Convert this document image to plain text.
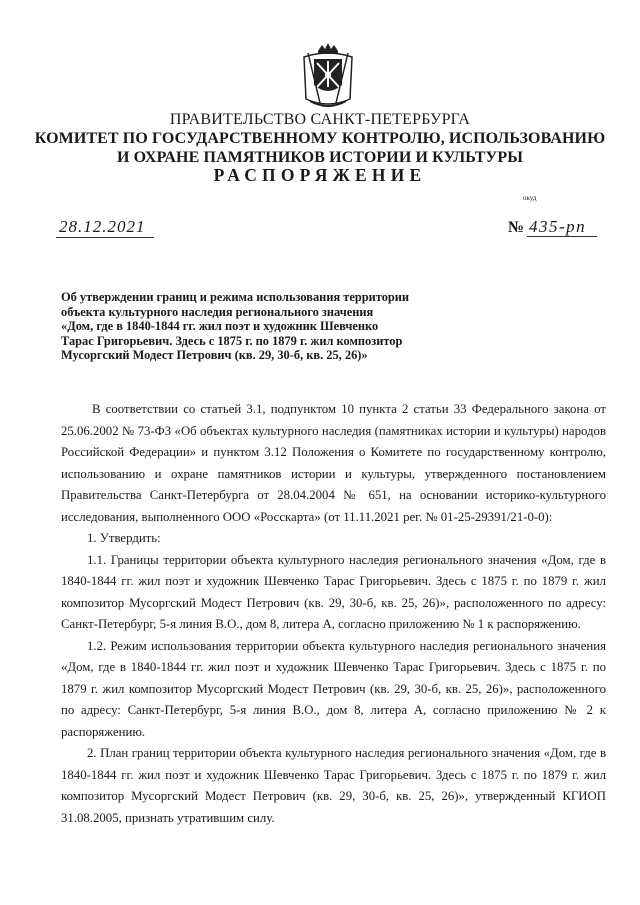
ПРАВИТЕЛЬСТВО САНКТ-ПЕТЕРБУРГА
КОМИТЕТ ПО ГОСУДАРСТВЕННОМУ КОНТРОЛЮ, ИСПОЛЬЗОВАНИЮ
И ОХРАНЕ ПАМЯТНИКОВ ИСТОРИИ И КУЛЬТУРЫ
РАСПОРЯЖЕНИЕ
окуд
28.12.2021	№ 435-рп
Об утверждении границ и режима использования территории
объекта культурного наследия регионального значения
«Дом, где в 1840-1844 гг. жил поэт и художник Шевченко
Тарас Григорьевич. Здесь с 1875 г. по 1879 г. жил композитор
Мусоргский Модест Петрович (кв. 29, 30-б, кв. 25, 26)»

В соответствии со статьей 3.1, подпунктом 10 пункта 2 статьи 33 Федерального закона от 25.06.2002 № 73-ФЗ «Об объектах культурного наследия (памятниках истории и культуры) народов Российской Федерации» и пунктом 3.12 Положения о Комитете по государственному контролю, использованию и охране памятников истории и культуры, утвержденного постановлением Правительства Санкт-Петербурга от 28.04.2004 № 651, на основании историко-культурного исследования, выполненного ООО «Росскарта» (от 11.11.2021 рег. № 01-25-29391/21-0-0):

1. Утвердить:

1.1. Границы территории объекта культурного наследия регионального значения «Дом, где в 1840-1844 гг. жил поэт и художник Шевченко Тарас Григорьевич. Здесь с 1875 г. по 1879 г. жил композитор Мусоргский Модест Петрович (кв. 29, 30-б, кв. 25, 26)», расположенного по адресу: Санкт-Петербург, 5-я линия В.О., дом 8, литера А, согласно приложению № 1 к распоряжению.

1.2. Режим использования территории объекта культурного наследия регионального значения «Дом, где в 1840-1844 гг. жил поэт и художник Шевченко Тарас Григорьевич. Здесь с 1875 г. по 1879 г. жил композитор Мусоргский Модест Петрович (кв. 29, 30-б, кв. 25, 26)», расположенного по адресу: Санкт-Петербург, 5-я линия В.О., дом 8, литера А, согласно приложению № 2 к распоряжению.

2. План границ территории объекта культурного наследия регионального значения «Дом, где в 1840-1844 гг. жил поэт и художник Шевченко Тарас Григорьевич. Здесь с 1875 г. по 1879 г. жил композитор Мусоргский Модест Петрович (кв. 29, 30-б, кв. 25, 26)», утвержденный КГИОП 31.08.2005, признать утратившим силу.
